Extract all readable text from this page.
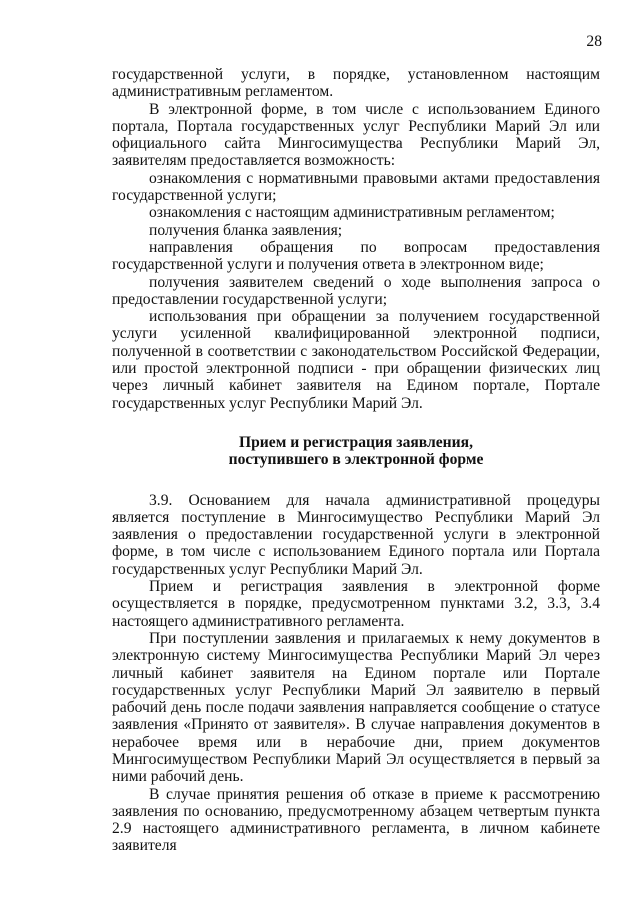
28

государственной услуги, в порядке, установленном настоящим административным регламентом.

В электронной форме, в том числе с использованием Единого портала, Портала государственных услуг Республики Марий Эл или официального сайта Мингосимущества Республики Марий Эл, заявителям предоставляется возможность:

ознакомления с нормативными правовыми актами предоставления государственной услуги;

ознакомления с настоящим административным регламентом;

получения бланка заявления;

направления обращения по вопросам предоставления государственной услуги и получения ответа в электронном виде;

получения заявителем сведений о ходе выполнения запроса о предоставлении государственной услуги;

использования при обращении за получением государственной услуги усиленной квалифицированной электронной подписи, полученной в соответствии с законодательством Российской Федерации, или простой электронной подписи - при обращении физических лиц через личный кабинет заявителя на Едином портале, Портале государственных услуг Республики Марий Эл.

Прием и регистрация заявления,
поступившего в электронной форме

3.9. Основанием для начала административной процедуры является поступление в Мингосимущество Республики Марий Эл заявления о предоставлении государственной услуги в электронной форме, в том числе с использованием Единого портала или Портала государственных услуг Республики Марий Эл.

Прием и регистрация заявления в электронной форме осуществляется в порядке, предусмотренном пунктами 3.2, 3.3, 3.4 настоящего административного регламента.

При поступлении заявления и прилагаемых к нему документов в электронную систему Мингосимущества Республики Марий Эл через личный кабинет заявителя на Едином портале или Портале государственных услуг Республики Марий Эл заявителю в первый рабочий день после подачи заявления направляется сообщение о статусе заявления «Принято от заявителя». В случае направления документов в нерабочее время или в нерабочие дни, прием документов Мингосимуществом Республики Марий Эл осуществляется в первый за ними рабочий день.

В случае принятия решения об отказе в приеме к рассмотрению заявления по основанию, предусмотренному абзацем четвертым пункта 2.9 настоящего административного регламента, в личном кабинете заявителя
